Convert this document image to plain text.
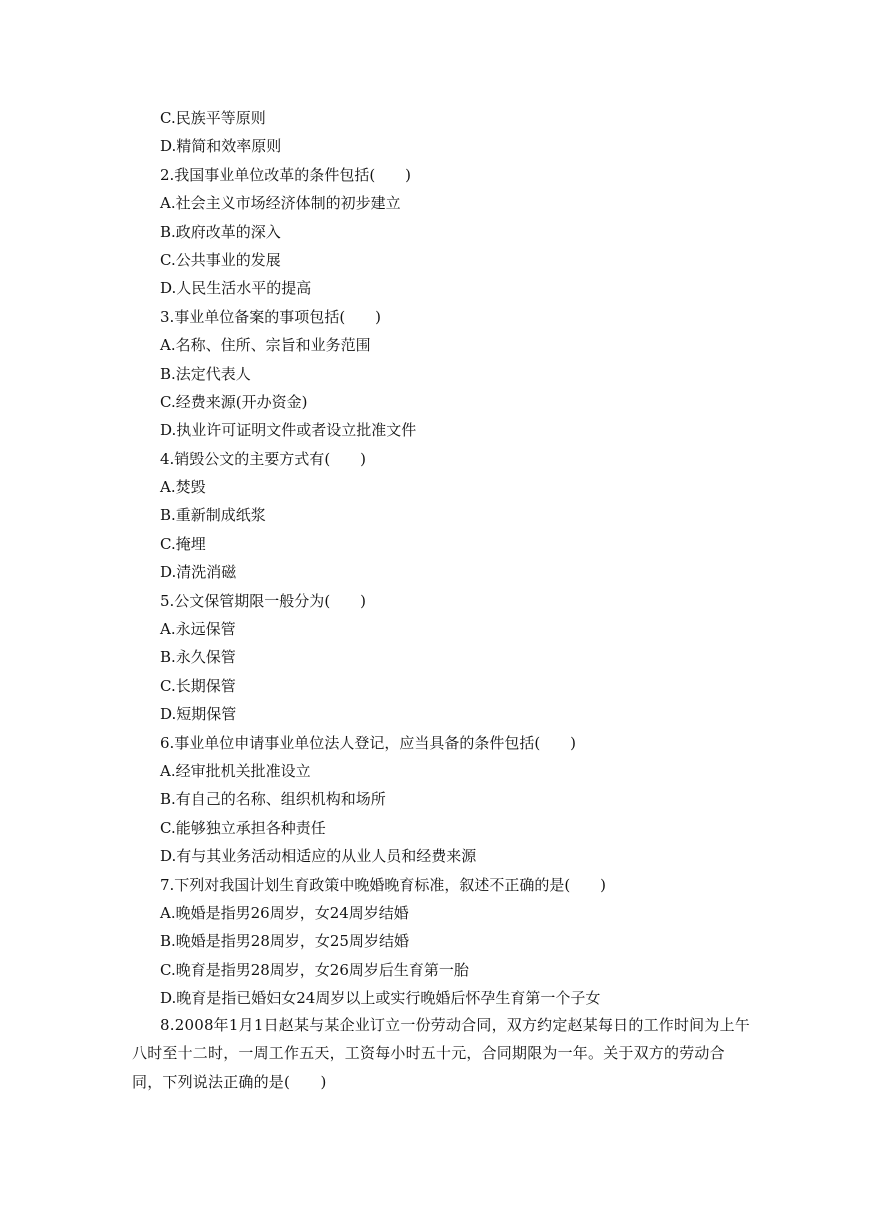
C.民族平等原则
D.精简和效率原则
2.我国事业单位改革的条件包括(　　)
A.社会主义市场经济体制的初步建立
B.政府改革的深入
C.公共事业的发展
D.人民生活水平的提高
3.事业单位备案的事项包括(　　)
A.名称、住所、宗旨和业务范围
B.法定代表人
C.经费来源(开办资金)
D.执业许可证明文件或者设立批准文件
4.销毁公文的主要方式有(　　)
A.焚毁
B.重新制成纸浆
C.掩埋
D.清洗消磁
5.公文保管期限一般分为(　　)
A.永远保管
B.永久保管
C.长期保管
D.短期保管
6.事业单位申请事业单位法人登记，应当具备的条件包括(　　)
A.经审批机关批准设立
B.有自己的名称、组织机构和场所
C.能够独立承担各种责任
D.有与其业务活动相适应的从业人员和经费来源
7.下列对我国计划生育政策中晚婚晚育标准，叙述不正确的是(　　)
A.晚婚是指男26周岁，女24周岁结婚
B.晚婚是指男28周岁，女25周岁结婚
C.晚育是指男28周岁，女26周岁后生育第一胎
D.晚育是指已婚妇女24周岁以上或实行晚婚后怀孕生育第一个子女
8.2008年1月1日赵某与某企业订立一份劳动合同，双方约定赵某每日的工作时间为上午八时至十二时，一周工作五天，工资每小时五十元，合同期限为一年。关于双方的劳动合同，下列说法正确的是(　　)
